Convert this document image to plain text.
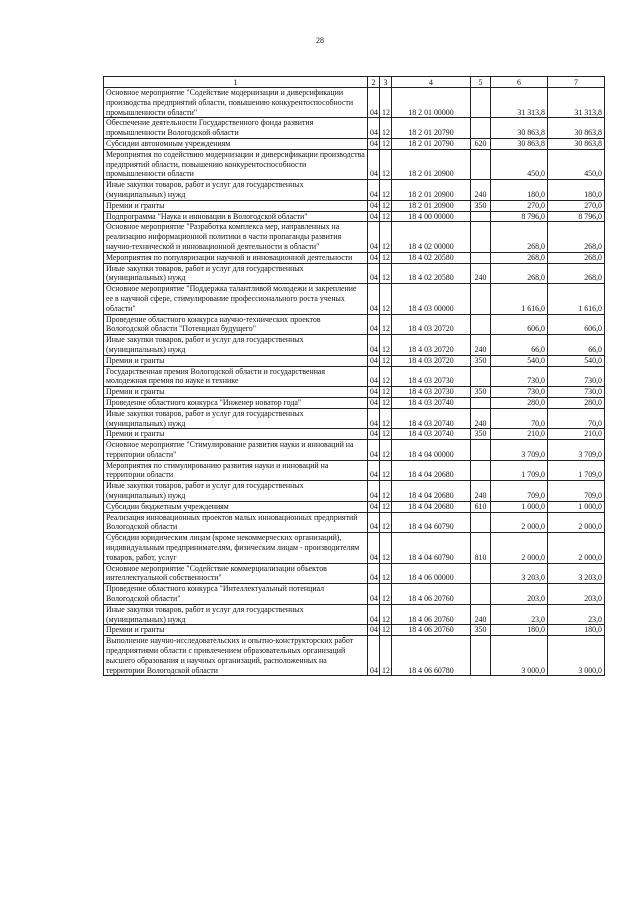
28
1	2	3	4	5	6	7
Основное мероприятие "Содействие модернизации и диверсификации производства предприятий области, повышению конкурентоспособности промышленности области"	04	12	18 2 01 00000		31 313,8	31 313,8
Обеспечение деятельности Государственного фонда развития промышленности Вологодской области	04	12	18 2 01 20790		30 863,8	30 863,8
Субсидии автономным учреждениям	04	12	18 2 01 20790	620	30 863,8	30 863,8
Мероприятия по содействию модернизации и диверсификации производства предприятий области, повышению конкурентоспособности промышленности области	04	12	18 2 01 20900		450,0	450,0
Иные закупки товаров, работ и услуг для государственных (муниципальных) нужд	04	12	18 2 01 20900	240	180,0	180,0
Премии и гранты	04	12	18 2 01 20900	350	270,0	270,0
Подпрограмма "Наука и инновации в Вологодской области"	04	12	18 4 00 00000		8 796,0	8 796,0
Основное мероприятие "Разработка комплекса мер, направленных на реализацию информационной политики в части пропаганды развития научно-технической и инновационной деятельности в области"	04	12	18 4 02 00000		268,0	268,0
Мероприятия по популяризации научной и инновационной деятельности	04	12	18 4 02 20580		268,0	268,0
Иные закупки товаров, работ и услуг для государственных (муниципальных) нужд	04	12	18 4 02 20580	240	268,0	268,0
Основное мероприятие "Поддержка талантливой молодежи и закрепление ее в научной сфере, стимулирование профессионального роста ученых области"	04	12	18 4 03 00000		1 616,0	1 616,0
Проведение областного конкурса научно-технических проектов Вологодской области "Потенциал будущего"	04	12	18 4 03 20720		606,0	606,0
Иные закупки товаров, работ и услуг для государственных (муниципальных) нужд	04	12	18 4 03 20720	240	66,0	66,0
Премии и гранты	04	12	18 4 03 20720	350	540,0	540,0
Государственная премия Вологодской области и государственная молодежная премия по науке и технике	04	12	18 4 03 20730		730,0	730,0
Премии и гранты	04	12	18 4 03 20730	350	730,0	730,0
Проведение областного конкурса "Инженер новатор года"	04	12	18 4 03 20740		280,0	280,0
Иные закупки товаров, работ и услуг для государственных (муниципальных) нужд	04	12	18 4 03 20740	240	70,0	70,0
Премии и гранты	04	12	18 4 03 20740	350	210,0	210,0
Основное мероприятие "Стимулирование развития науки и инноваций на территории области"	04	12	18 4 04 00000		3 709,0	3 709,0
Мероприятия по стимулированию развития науки и инноваций на территории области	04	12	18 4 04 20680		1 709,0	1 709,0
Иные закупки товаров, работ и услуг для государственных (муниципальных) нужд	04	12	18 4 04 20680	240	709,0	709,0
Субсидии бюджетным учреждениям	04	12	18 4 04 20680	610	1 000,0	1 000,0
Реализация инновационных проектов малых инновационных предприятий Вологодской области	04	12	18 4 04 60790		2 000,0	2 000,0
Субсидии юридическим лицам (кроме некоммерческих организаций), индивидуальным предпринимателям, физическим лицам - производителям товаров, работ, услуг	04	12	18 4 04 60790	810	2 000,0	2 000,0
Основное мероприятие "Содействие коммерциализации объектов интеллектуальной собственности"	04	12	18 4 06 00000		3 203,0	3 203,0
Проведение областного конкурса "Интеллектуальный потенциал Вологодской области"	04	12	18 4 06 20760		203,0	203,0
Иные закупки товаров, работ и услуг для государственных (муниципальных) нужд	04	12	18 4 06 20760	240	23,0	23,0
Премии и гранты	04	12	18 4 06 20760	350	180,0	180,0
Выполнение научно-исследовательских и опытно-конструкторских работ предприятиями области с привлечением образовательных организаций высшего образования и научных организаций, расположенных на территории Вологодской области	04	12	18 4 06 60780		3 000,0	3 000,0
